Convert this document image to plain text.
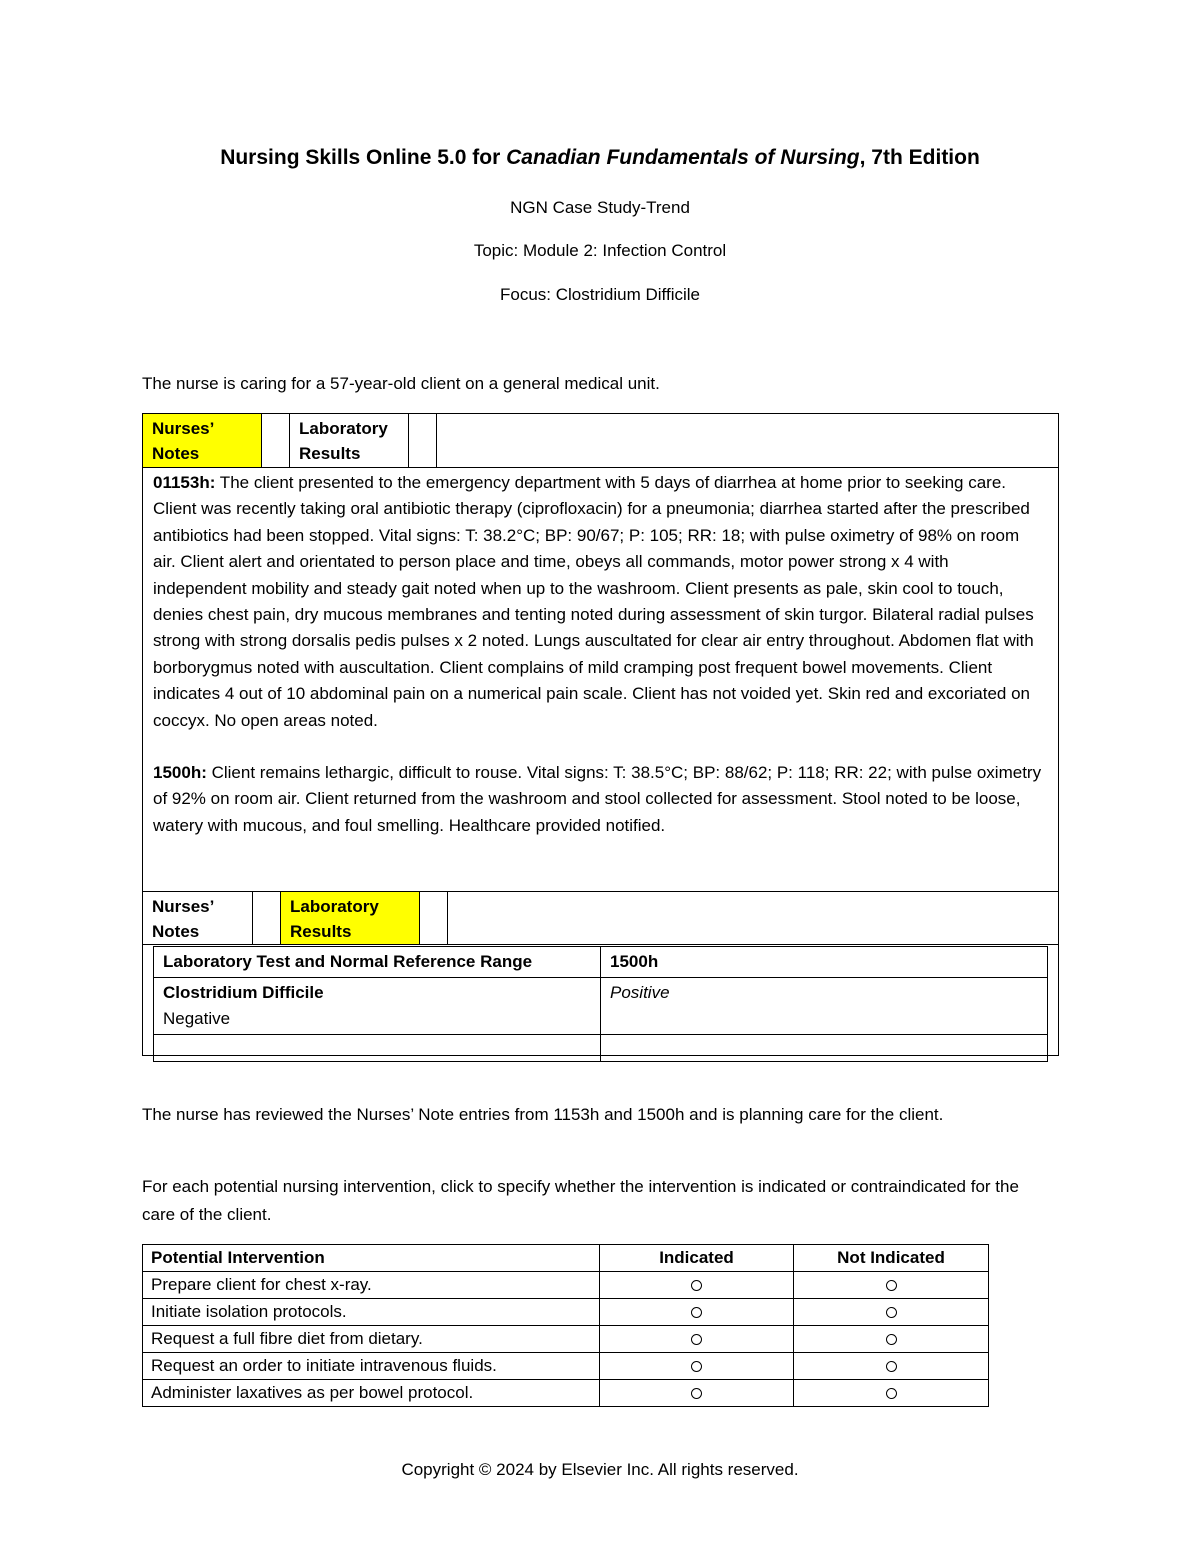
Nursing Skills Online 5.0 for Canadian Fundamentals of Nursing, 7th Edition
NGN Case Study-Trend
Topic: Module 2: Infection Control
Focus: Clostridium Difficile
The nurse is caring for a 57-year-old client on a general medical unit.
Nurses’ Notes
Laboratory Results

01153h: The client presented to the emergency department with 5 days of diarrhea at home prior to seeking care. Client was recently taking oral antibiotic therapy (ciprofloxacin) for a pneumonia; diarrhea started after the prescribed antibiotics had been stopped. Vital signs: T: 38.2°C; BP: 90/67; P: 105; RR: 18; with pulse oximetry of 98% on room air. Client alert and orientated to person place and time, obeys all commands, motor power strong x 4 with independent mobility and steady gait noted when up to the washroom. Client presents as pale, skin cool to touch, denies chest pain, dry mucous membranes and tenting noted during assessment of skin turgor. Bilateral radial pulses strong with strong dorsalis pedis pulses x 2 noted. Lungs auscultated for clear air entry throughout. Abdomen flat with borborygmus noted with auscultation. Client complains of mild cramping post frequent bowel movements. Client indicates 4 out of 10 abdominal pain on a numerical pain scale. Client has not voided yet. Skin red and excoriated on coccyx. No open areas noted.

1500h: Client remains lethargic, difficult to rouse. Vital signs: T: 38.5°C; BP: 88/62; P: 118; RR: 22; with pulse oximetry of 92% on room air. Client returned from the washroom and stool collected for assessment. Stool noted to be loose, watery with mucous, and foul smelling. Healthcare provided notified.

Nurses’ Notes
Laboratory Results
Laboratory Test and Normal Reference Range	1500h

Clostridium Difficile
Negative	Positive

The nurse has reviewed the Nurses’ Note entries from 1153h and 1500h and is planning care for the client.
For each potential nursing intervention, click to specify whether the intervention is indicated or contraindicated for the care of the client.
Potential Intervention	Indicated	Not Indicated
Prepare client for chest x-ray.		
Initiate isolation protocols.		
Request a full fibre diet from dietary.		
Request an order to initiate intravenous fluids.		
Administer laxatives as per bowel protocol.		
Copyright © 2024 by Elsevier Inc. All rights reserved.
